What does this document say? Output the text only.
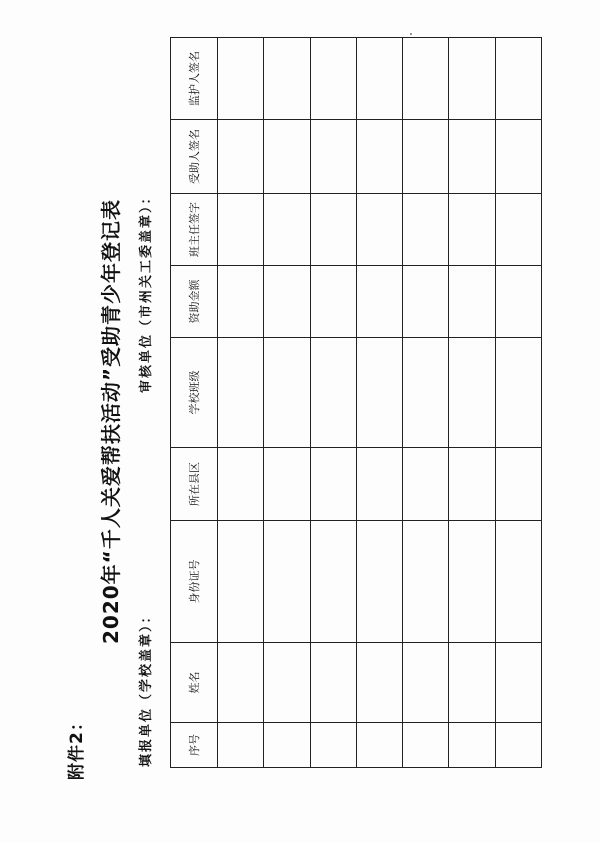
附件2：
2020年“千人关爱帮扶活动”受助青少年登记表
填报单位（学校盖章）：
审核单位（市州关工委盖章）：
序号	姓名	身份证号	所在县区	学校班级	资助金额	班主任签字	受助人签名	监护人签名
